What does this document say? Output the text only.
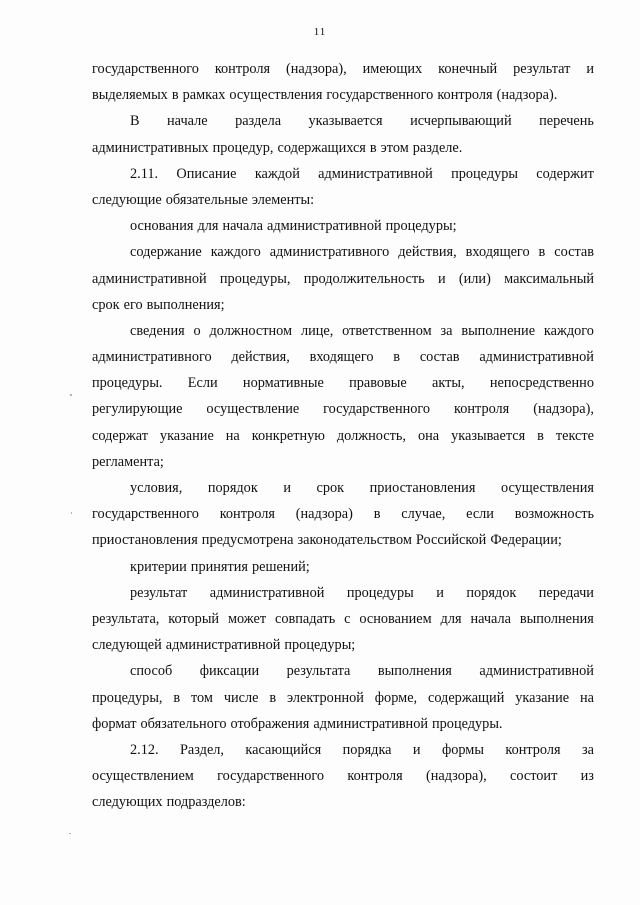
11
государственного контроля (надзора), имеющих конечный результат и
выделяемых в рамках осуществления государственного контроля (надзора).
В начале раздела указывается исчерпывающий перечень
административных процедур, содержащихся в этом разделе.
2.11. Описание каждой административной процедуры содержит
следующие обязательные элементы:
основания для начала административной процедуры;
содержание каждого административного действия, входящего в состав
административной процедуры, продолжительность и (или) максимальный
срок его выполнения;
сведения о должностном лице, ответственном за выполнение каждого
административного действия, входящего в состав административной
процедуры. Если нормативные правовые акты, непосредственно
регулирующие осуществление государственного контроля (надзора),
содержат указание на конкретную должность, она указывается в тексте
регламента;
условия, порядок и срок приостановления осуществления
государственного контроля (надзора) в случае, если возможность
приостановления предусмотрена законодательством Российской Федерации;
критерии принятия решений;
результат административной процедуры и порядок передачи
результата, который может совпадать с основанием для начала выполнения
следующей административной процедуры;
способ фиксации результата выполнения административной
процедуры, в том числе в электронной форме, содержащий указание на
формат обязательного отображения административной процедуры.
2.12. Раздел, касающийся порядка и формы контроля за
осуществлением государственного контроля (надзора), состоит из
следующих подразделов:
